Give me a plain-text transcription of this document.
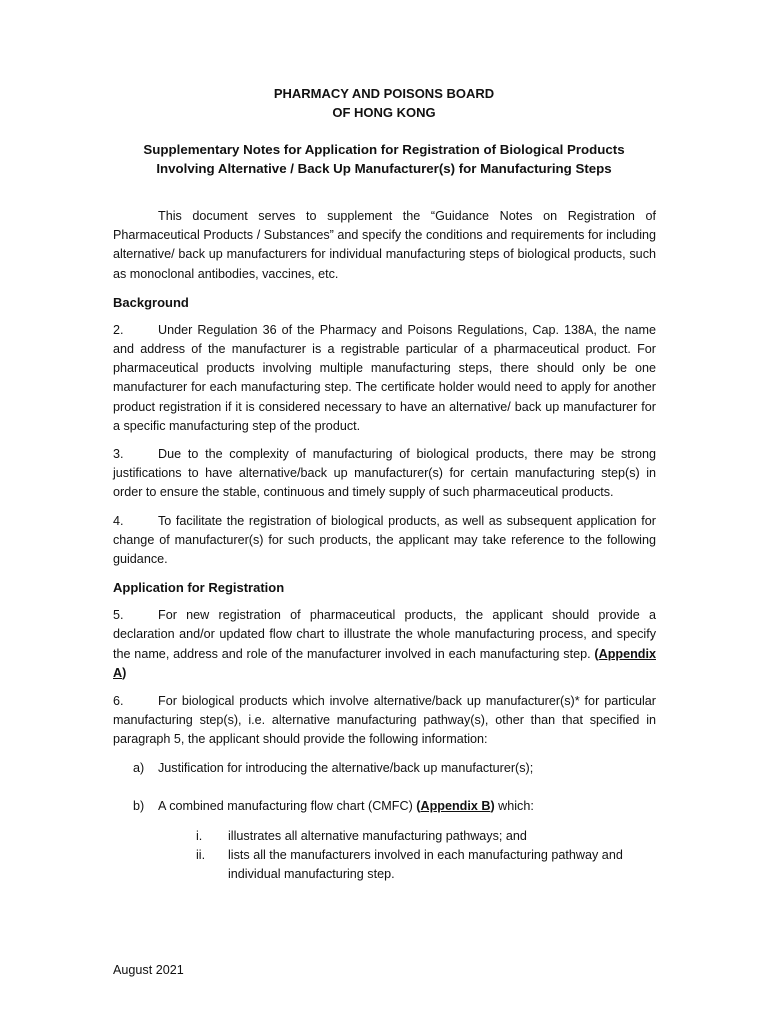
PHARMACY AND POISONS BOARD
OF HONG KONG
Supplementary Notes for Application for Registration of Biological Products
Involving Alternative / Back Up Manufacturer(s) for Manufacturing Steps

This document serves to supplement the “Guidance Notes on Registration of Pharmaceutical Products / Substances” and specify the conditions and requirements for including alternative/ back up manufacturers for individual manufacturing steps of biological products, such as monoclonal antibodies, vaccines, etc.

Background

2.	Under Regulation 36 of the Pharmacy and Poisons Regulations, Cap. 138A, the name and address of the manufacturer is a registrable particular of a pharmaceutical product. For pharmaceutical products involving multiple manufacturing steps, there should only be one manufacturer for each manufacturing step. The certificate holder would need to apply for another product registration if it is considered necessary to have an alternative/ back up manufacturer for a specific manufacturing step of the product.

3.	Due to the complexity of manufacturing of biological products, there may be strong justifications to have alternative/back up manufacturer(s) for certain manufacturing step(s) in order to ensure the stable, continuous and timely supply of such pharmaceutical products.

4.	To facilitate the registration of biological products, as well as subsequent application for change of manufacturer(s) for such products, the applicant may take reference to the following guidance.

Application for Registration

5.	For new registration of pharmaceutical products, the applicant should provide a declaration and/or updated flow chart to illustrate the whole manufacturing process, and specify the name, address and role of the manufacturer involved in each manufacturing step. (Appendix A)

6.	For biological products which involve alternative/back up manufacturer(s)* for particular manufacturing step(s), i.e. alternative manufacturing pathway(s), other than that specified in paragraph 5, the applicant should provide the following information:

a)	Justification for introducing the alternative/back up manufacturer(s);
b)	A combined manufacturing flow chart (CMFC) (Appendix B) which:
i.	illustrates all alternative manufacturing pathways; and
ii.	lists all the manufacturers involved in each manufacturing pathway and individual manufacturing step.
August 2021
